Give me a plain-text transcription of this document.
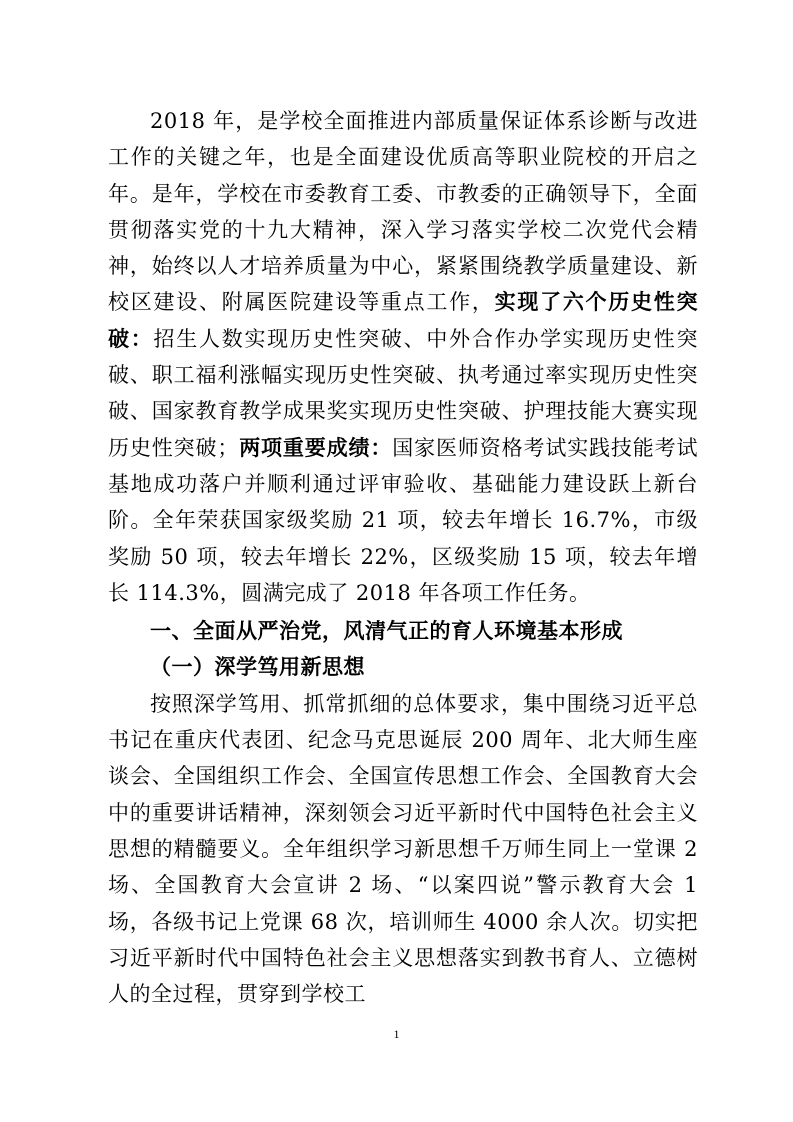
2018 年，是学校全面推进内部质量保证体系诊断与改进工作的关键之年，也是全面建设优质高等职业院校的开启之年。是年，学校在市委教育工委、市教委的正确领导下，全面贯彻落实党的十九大精神，深入学习落实学校二次党代会精神，始终以人才培养质量为中心，紧紧围绕教学质量建设、新校区建设、附属医院建设等重点工作，实现了六个历史性突破：招生人数实现历史性突破、中外合作办学实现历史性突破、职工福利涨幅实现历史性突破、执考通过率实现历史性突破、国家教育教学成果奖实现历史性突破、护理技能大赛实现历史性突破；两项重要成绩：国家医师资格考试实践技能考试基地成功落户并顺利通过评审验收、基础能力建设跃上新台阶。全年荣获国家级奖励 21 项，较去年增长 16.7%，市级奖励 50 项，较去年增长 22%，区级奖励 15 项，较去年增长 114.3%，圆满完成了 2018 年各项工作任务。

一、全面从严治党，风清气正的育人环境基本形成

（一）深学笃用新思想

按照深学笃用、抓常抓细的总体要求，集中围绕习近平总书记在重庆代表团、纪念马克思诞辰 200 周年、北大师生座谈会、全国组织工作会、全国宣传思想工作会、全国教育大会中的重要讲话精神，深刻领会习近平新时代中国特色社会主义思想的精髓要义。全年组织学习新思想千万师生同上一堂课 2 场、全国教育大会宣讲 2 场、“以案四说”警示教育大会 1 场，各级书记上党课 68 次，培训师生 4000 余人次。切实把习近平新时代中国特色社会主义思想落实到教书育人、立德树人的全过程，贯穿到学校工

1
